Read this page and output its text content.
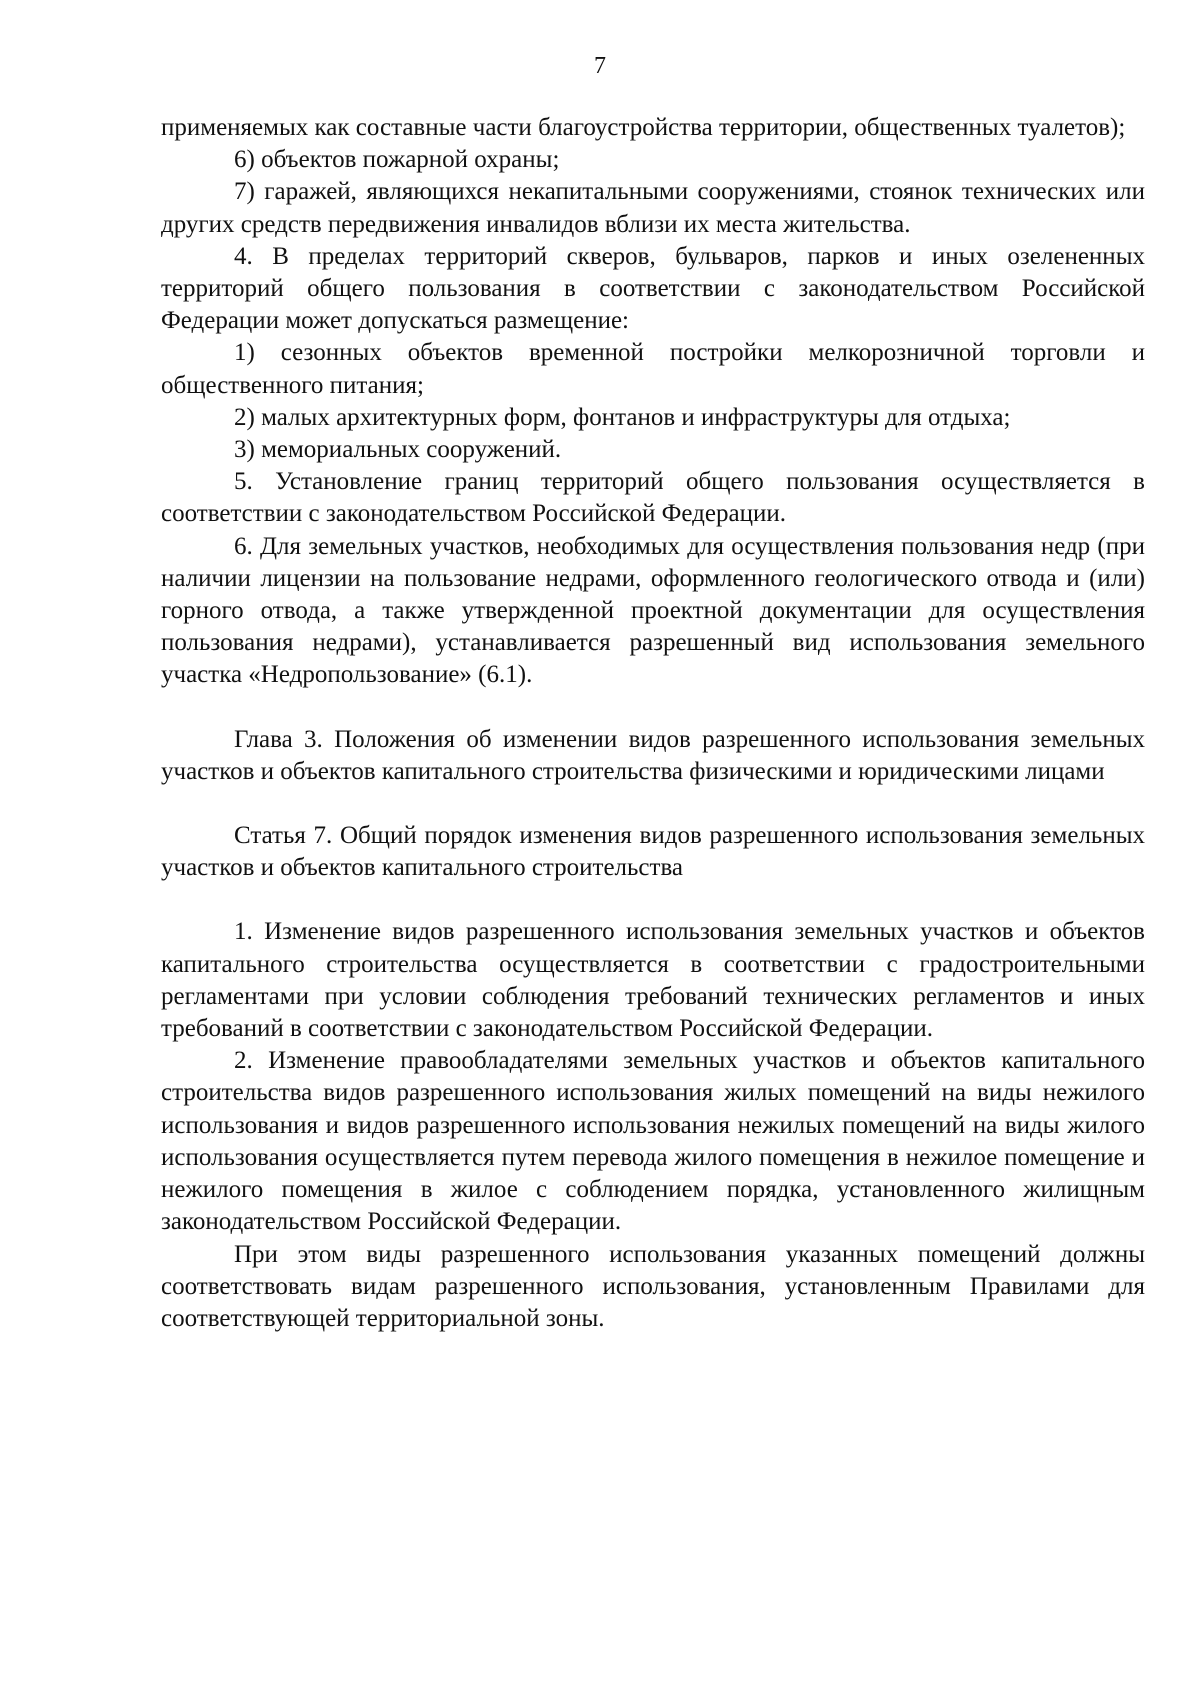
7

применяемых как составные части благоустройства территории, общественных туалетов);

6) объектов пожарной охраны;

7) гаражей, являющихся некапитальными сооружениями, стоянок технических или других средств передвижения инвалидов вблизи их места жительства.

4. В пределах территорий скверов, бульваров, парков и иных озелененных территорий общего пользования в соответствии с законодательством Российской Федерации может допускаться размещение:

1) сезонных объектов временной постройки мелкорозничной торговли и общественного питания;

2) малых архитектурных форм, фонтанов и инфраструктуры для отдыха;

3) мемориальных сооружений.

5. Установление границ территорий общего пользования осуществляется в соответствии с законодательством Российской Федерации.

6. Для земельных участков, необходимых для осуществления пользования недр (при наличии лицензии на пользование недрами, оформленного геологического отвода и (или) горного отвода, а также утвержденной проектной документации для осуществления пользования недрами), устанавливается разрешенный вид использования земельного участка «Недропользование» (6.1).

Глава 3. Положения об изменении видов разрешенного использования земельных участков и объектов капитального строительства физическими и юридическими лицами

Статья 7. Общий порядок изменения видов разрешенного использования земельных участков и объектов капитального строительства

1. Изменение видов разрешенного использования земельных участков и объектов капитального строительства осуществляется в соответствии с градостроительными регламентами при условии соблюдения требований технических регламентов и иных требований в соответствии с законодательством Российской Федерации.

2. Изменение правообладателями земельных участков и объектов капитального строительства видов разрешенного использования жилых помещений на виды нежилого использования и видов разрешенного использования нежилых помещений на виды жилого использования осуществляется путем перевода жилого помещения в нежилое помещение и нежилого помещения в жилое с соблюдением порядка, установленного жилищным законодательством Российской Федерации.

При этом виды разрешенного использования указанных помещений должны соответствовать видам разрешенного использования, установленным Правилами для соответствующей территориальной зоны.
